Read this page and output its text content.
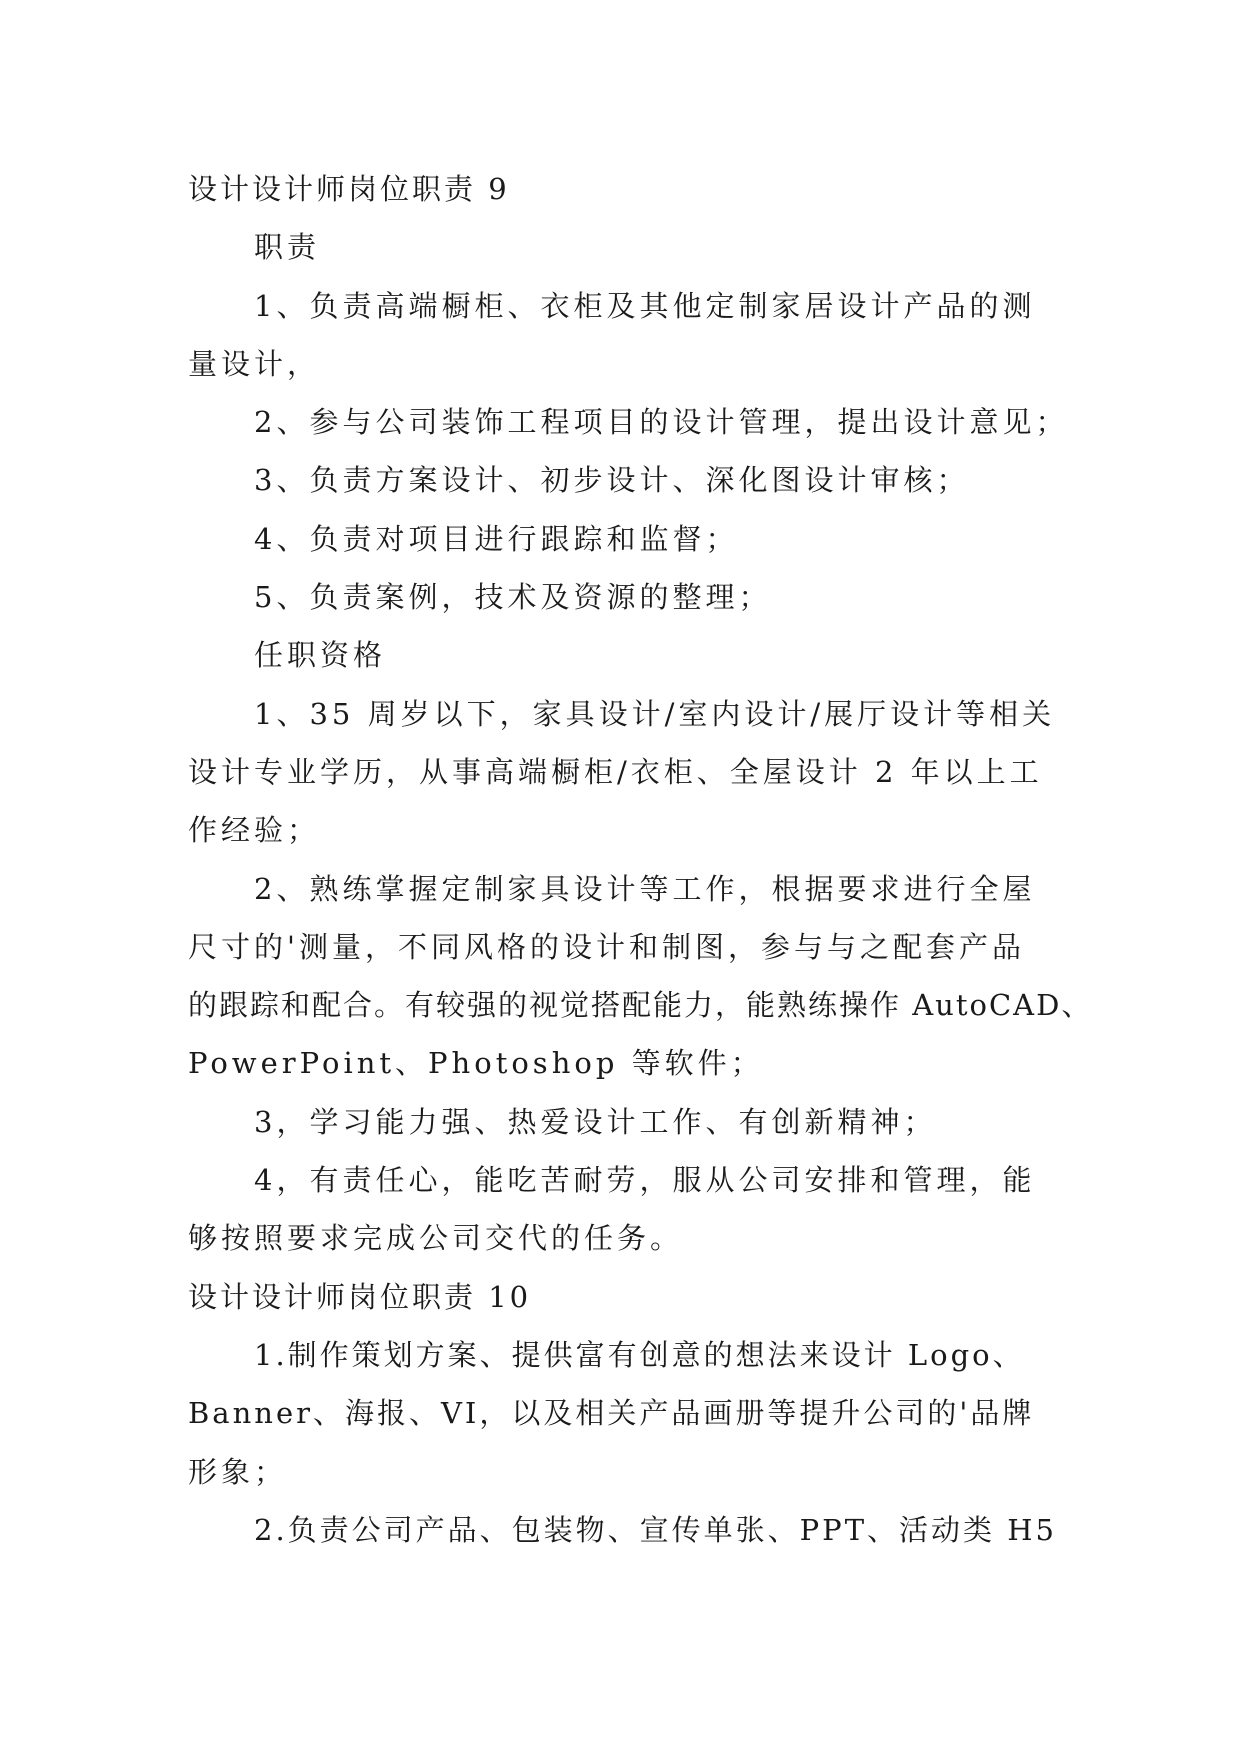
设计设计师岗位职责 9
职责
1、负责高端橱柜、衣柜及其他定制家居设计产品的测
量设计，
2、参与公司装饰工程项目的设计管理，提出设计意见；
3、负责方案设计、初步设计、深化图设计审核；
4、负责对项目进行跟踪和监督；
5、负责案例，技术及资源的整理；
任职资格
1、35 周岁以下，家具设计/室内设计/展厅设计等相关
设计专业学历，从事高端橱柜/衣柜、全屋设计 2 年以上工
作经验；
2、熟练掌握定制家具设计等工作，根据要求进行全屋
尺寸的'测量，不同风格的设计和制图，参与与之配套产品
的跟踪和配合。有较强的视觉搭配能力，能熟练操作 AutoCAD、
PowerPoint、Photoshop 等软件；
3，学习能力强、热爱设计工作、有创新精神；
4，有责任心，能吃苦耐劳，服从公司安排和管理，能
够按照要求完成公司交代的任务。
设计设计师岗位职责 10
1.制作策划方案、提供富有创意的想法来设计 Logo、
Banner、海报、VI，以及相关产品画册等提升公司的'品牌
形象；
2.负责公司产品、包装物、宣传单张、PPT、活动类 H5
